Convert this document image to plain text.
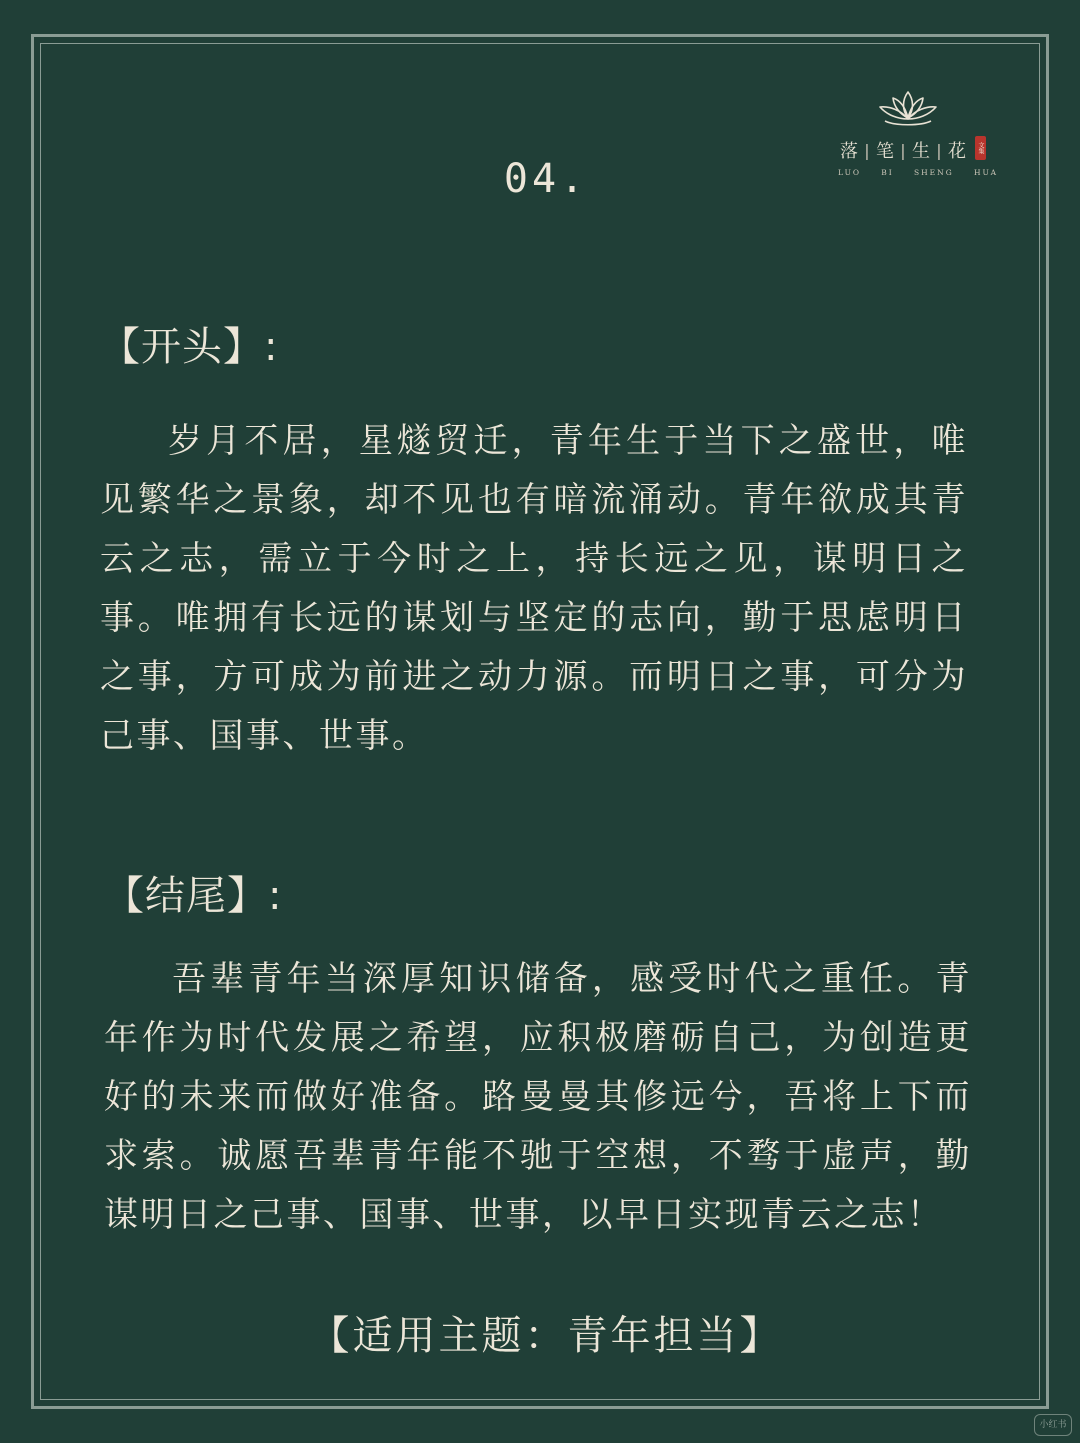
落 | 笔 | 生 | 花	文集
LUO	BI	SHENG	HUA
04.
【开头】:

岁月不居，星燧贸迁，青年生于当下之盛世，唯见繁华之景象，却不见也有暗流涌动。青年欲成其青云之志，需立于今时之上，持长远之见，谋明日之事。唯拥有长远的谋划与坚定的志向，勤于思虑明日之事，方可成为前进之动力源。而明日之事，可分为己事、国事、世事。

【结尾】:

吾辈青年当深厚知识储备，感受时代之重任。青年作为时代发展之希望，应积极磨砺自己，为创造更好的未来而做好准备。路曼曼其修远兮，吾将上下而求索。诚愿吾辈青年能不驰于空想，不骛于虚声，勤谋明日之己事、国事、世事，以早日实现青云之志！

【适用主题：青年担当】
小红书
